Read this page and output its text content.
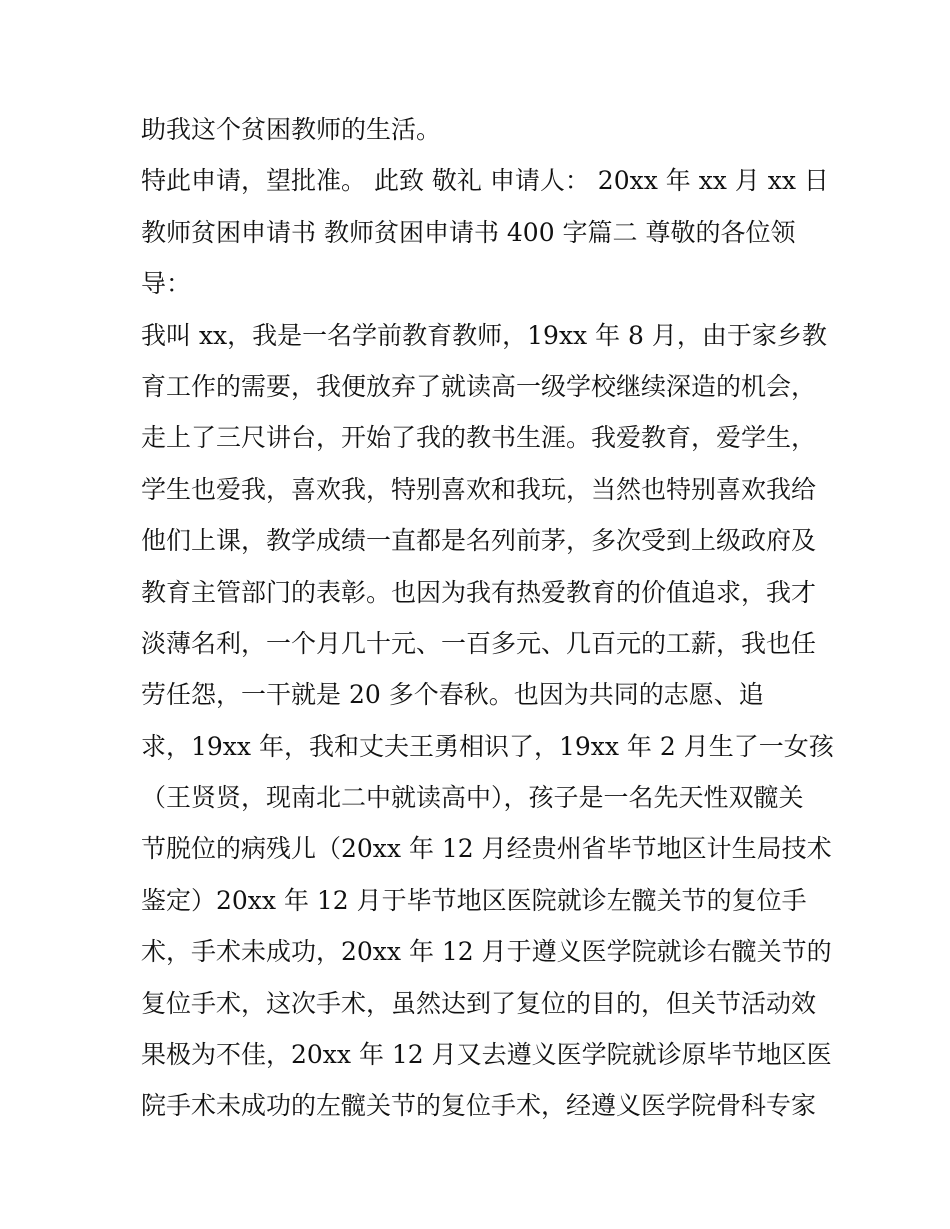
助我这个贫困教师的生活。
特此申请，望批准。 此致 敬礼 申请人： 20xx 年 xx 月 xx 日
教师贫困申请书 教师贫困申请书 400 字篇二 尊敬的各位领
导：
我叫 xx，我是一名学前教育教师，19xx 年 8 月，由于家乡教
育工作的需要，我便放弃了就读高一级学校继续深造的机会，
走上了三尺讲台，开始了我的教书生涯。我爱教育，爱学生，
学生也爱我，喜欢我，特别喜欢和我玩，当然也特别喜欢我给
他们上课，教学成绩一直都是名列前茅，多次受到上级政府及
教育主管部门的表彰。也因为我有热爱教育的价值追求，我才
淡薄名利，一个月几十元、一百多元、几百元的工薪，我也任
劳任怨，一干就是 20 多个春秋。也因为共同的志愿、追
求，19xx 年，我和丈夫王勇相识了，19xx 年 2 月生了一女孩
（王贤贤，现南北二中就读高中），孩子是一名先天性双髋关
节脱位的病残儿（20xx 年 12 月经贵州省毕节地区计生局技术
鉴定）20xx 年 12 月于毕节地区医院就诊左髋关节的复位手
术，手术未成功，20xx 年 12 月于遵义医学院就诊右髋关节的
复位手术，这次手术，虽然达到了复位的目的，但关节活动效
果极为不佳，20xx 年 12 月又去遵义医学院就诊原毕节地区医
院手术未成功的左髋关节的复位手术，经遵义医学院骨科专家
